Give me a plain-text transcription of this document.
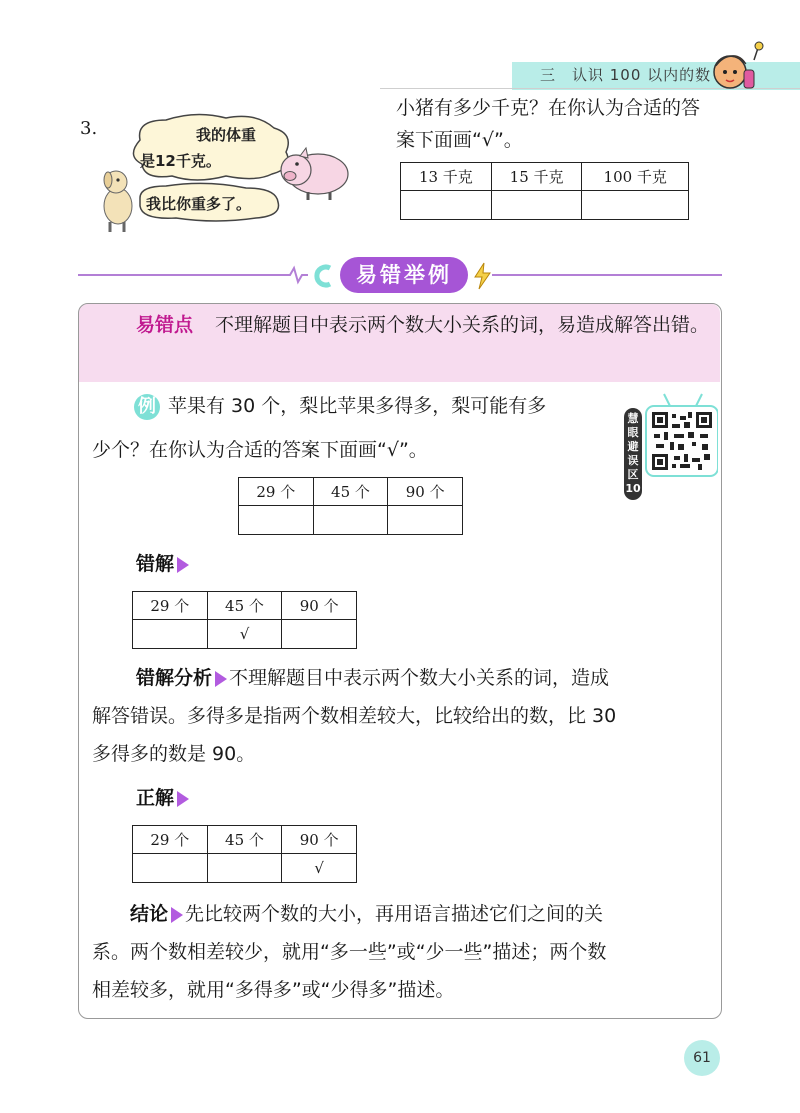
三　认识 100 以内的数
3.	我的体重
是12千克。
我比你重多了。
小猪有多少千克？在你认为合适的答案下面画“√”。
13 千克	15 千克	100 千克

易错举例
易错点 不理解题目中表示两个数大小关系的词，易造成解答出错。
例 苹果有 30 个，梨比苹果多得多，梨可能有多
少个？在你认为合适的答案下面画“√”。
慧
眼
避
误
区
10
29 个	45 个	90 个

错解
29 个	45 个	90 个
	√	
错解分析 不理解题目中表示两个数大小关系的词，造成
解答错误。多得多是指两个数相差较大，比较给出的数，比 30
多得多的数是 90。
正解
29 个	45 个	90 个
		√
结论 先比较两个数的大小，再用语言描述它们之间的关
系。两个数相差较少，就用“多一些”或“少一些”描述；两个数
相差较多，就用“多得多”或“少得多”描述。
61
